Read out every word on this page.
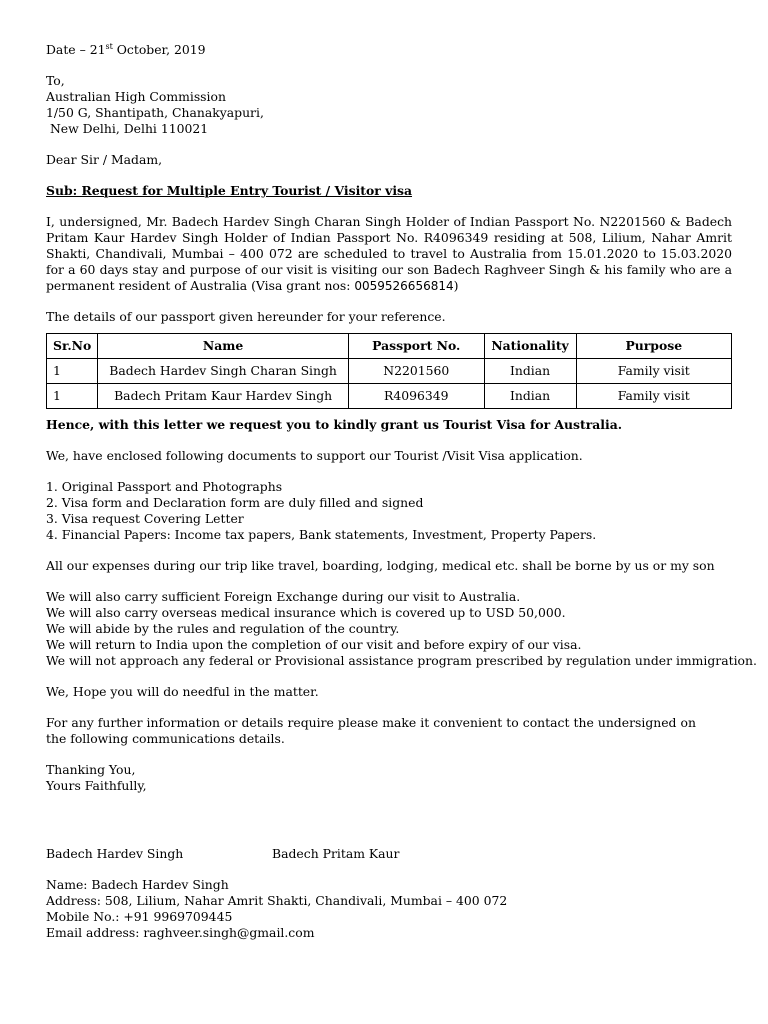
Date – 21st October, 2019
To,
Australian High Commission
1/50 G, Shantipath, Chanakyapuri,
New Delhi, Delhi 110021
Dear Sir / Madam,
Sub: Request for Multiple Entry Tourist / Visitor visa
I, undersigned, Mr. Badech Hardev Singh Charan Singh Holder of Indian Passport No. N2201560 & Badech Pritam Kaur Hardev Singh Holder of Indian Passport No. R4096349 residing at 508, Lilium, Nahar Amrit Shakti, Chandivali, Mumbai – 400 072 are scheduled to travel to Australia from 15.01.2020 to 15.03.2020 for a 60 days stay and purpose of our visit is visiting our son Badech Raghveer Singh & his family who are a permanent resident of Australia (Visa grant nos: 0059526656814)
The details of our passport given hereunder for your reference.
Sr.No	Name	Passport No.	Nationality	Purpose
1	Badech Hardev Singh Charan Singh	N2201560	Indian	Family visit
1	Badech Pritam Kaur Hardev Singh	R4096349	Indian	Family visit
Hence, with this letter we request you to kindly grant us Tourist Visa for Australia.
We, have enclosed following documents to support our Tourist /Visit Visa application.
1. Original Passport and Photographs
2. Visa form and Declaration form are duly filled and signed
3. Visa request Covering Letter
4. Financial Papers: Income tax papers, Bank statements, Investment, Property Papers.
All our expenses during our trip like travel, boarding, lodging, medical etc. shall be borne by us or my son
We will also carry sufficient Foreign Exchange during our visit to Australia.
We will also carry overseas medical insurance which is covered up to USD 50,000.
We will abide by the rules and regulation of the country.
We will return to India upon the completion of our visit and before expiry of our visa.
We will not approach any federal or Provisional assistance program prescribed by regulation under immigration.
We, Hope you will do needful in the matter.
For any further information or details require please make it convenient to contact the undersigned on the following communications details.
Thanking You,
Yours Faithfully,
Badech Hardev Singh	Badech Pritam Kaur
Name: Badech Hardev Singh
Address: 508, Lilium, Nahar Amrit Shakti, Chandivali, Mumbai – 400 072
Mobile No.: +91 9969709445
Email address: raghveer.singh@gmail.com
